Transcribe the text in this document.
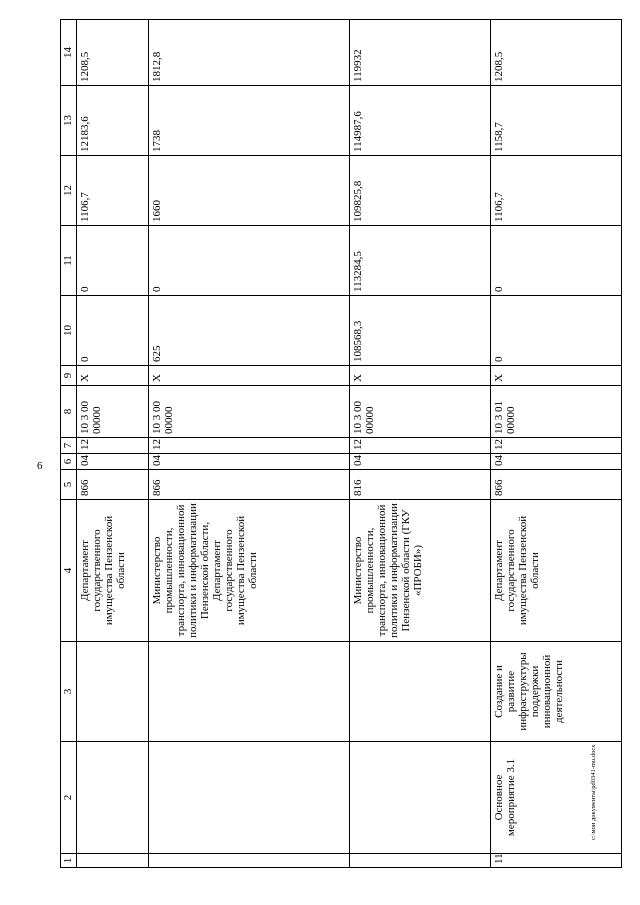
6
1	2	3	4	5	6	7	8	9	10	11	12	13	14
			Департамент государственного имущества Пензенской области	866	04	12	10 3 00 00000	X	0	0	1106,7	12183,6	1208,5
			Министерство промышленности, транспорта, инновационной политики и информатизации Пензенской области, Департамент государственного имущества Пензенской области	866	04	12	10 3 00 00000	X	625	0	1660	1738	1812,8
			Министерство промышленности, транспорта, инновационной политики и информатизации Пензенской области (ГКУ «ПРОБИ»)	816	04	12	10 3 00 00000	X	108568,3	113284,5	109825,8	114987,6	119932
11	Основное мероприятие 3.1	Создание и развитие инфраструктуры поддержки инновационной деятельности	Департамент государственного имущества Пензенской области	866	04	12	10 3 01 00000	X	0	0	1106,7	1158,7	1208,5
c:\мои документы\pd0341-mu.docx
